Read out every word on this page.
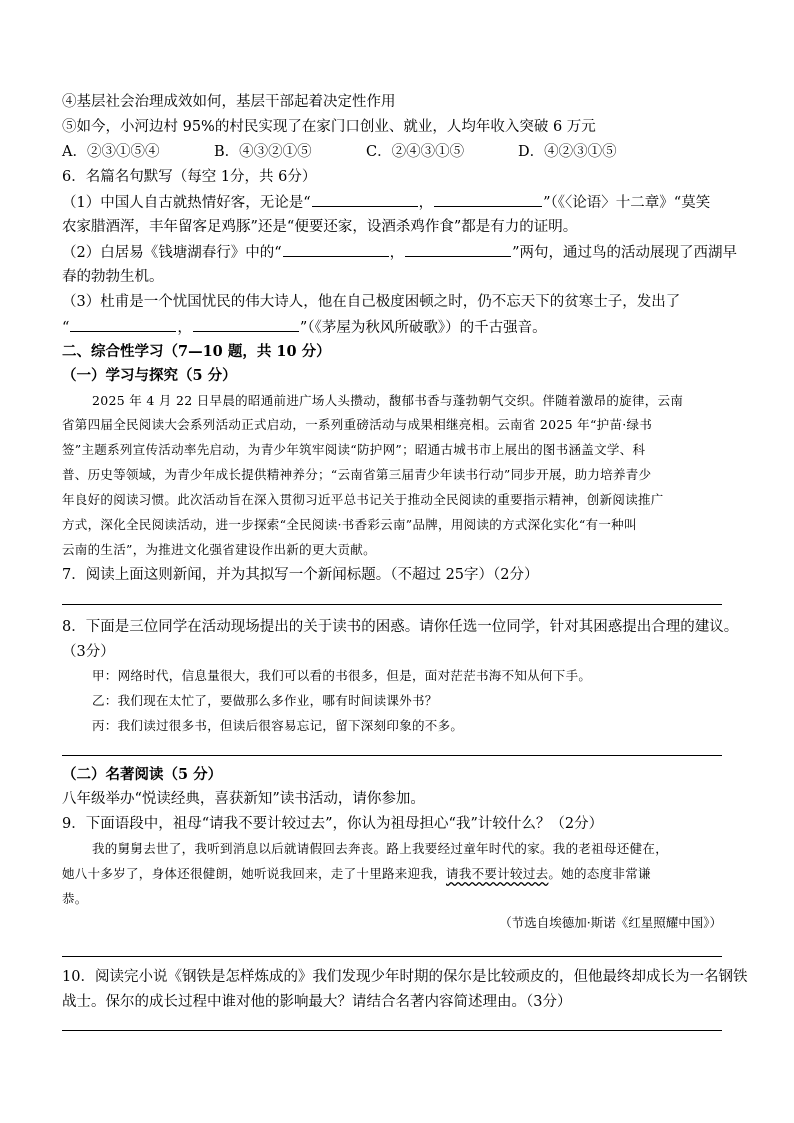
④基层社会治理成效如何，基层干部起着决定性作用
⑤如今，小河边村 95%的村民实现了在家门口创业、就业，人均年收入突破 6 万元
A．②③①⑤④	B．④③②①⑤	C．②④③①⑤	D．④②③①⑤
6．名篇名句默写（每空 1分，共 6分）
（1）中国人自古就热情好客，无论是“	，	”（《〈论语〉十二章》“莫笑
农家腊酒浑，丰年留客足鸡豚”还是“便要还家，设酒杀鸡作食”都是有力的证明。
（2）白居易《钱塘湖春行》中的“	，	”两句，通过鸟的活动展现了西湖早
春的勃勃生机。
（3）杜甫是一个忧国忧民的伟大诗人，他在自己极度困顿之时，仍不忘天下的贫寒士子，发出了
“	，	”（《茅屋为秋风所破歌》）的千古强音。
二、综合性学习（7—10 题，共 10 分）
（一）学习与探究（5 分）
2025 年 4 月 22 日早晨的昭通前进广场人头攒动，馥郁书香与蓬勃朝气交织。伴随着激昂的旋律，云南
省第四届全民阅读大会系列活动正式启动，一系列重磅活动与成果相继亮相。云南省 2025 年“护苗·绿书
签”主题系列宣传活动率先启动，为青少年筑牢阅读“防护网”；昭通古城书市上展出的图书涵盖文学、科
普、历史等领域，为青少年成长提供精神养分；“云南省第三届青少年读书行动”同步开展，助力培养青少
年良好的阅读习惯。此次活动旨在深入贯彻习近平总书记关于推动全民阅读的重要指示精神，创新阅读推广
方式，深化全民阅读活动，进一步探索“全民阅读·书香彩云南”品牌，用阅读的方式深化实化“有一种叫
云南的生活”，为推进文化强省建设作出新的更大贡献。
7．阅读上面这则新闻，并为其拟写一个新闻标题。（不超过 25字）（2分）
8．下面是三位同学在活动现场提出的关于读书的困惑。请你任选一位同学，针对其困惑提出合理的建议。
（3分）
甲：网络时代，信息量很大，我们可以看的书很多，但是，面对茫茫书海不知从何下手。
乙：我们现在太忙了，要做那么多作业，哪有时间读课外书？
丙：我们读过很多书，但读后很容易忘记，留下深刻印象的不多。
（二）名著阅读（5 分）
八年级举办“悦读经典，喜获新知”读书活动，请你参加。
9．下面语段中，祖母“请我不要计较过去”，你认为祖母担心“我”计较什么？（2分）
我的舅舅去世了，我听到消息以后就请假回去奔丧。路上我要经过童年时代的家。我的老祖母还健在，
她八十多岁了，身体还很健朗，她听说我回来，走了十里路来迎我，请我不要计较过去。她的态度非常谦
恭。
（节选自埃德加·斯诺《红星照耀中国》）
10．阅读完小说《钢铁是怎样炼成的》我们发现少年时期的保尔是比较顽皮的，但他最终却成长为一名钢铁
战士。保尔的成长过程中谁对他的影响最大？请结合名著内容简述理由。（3分）
